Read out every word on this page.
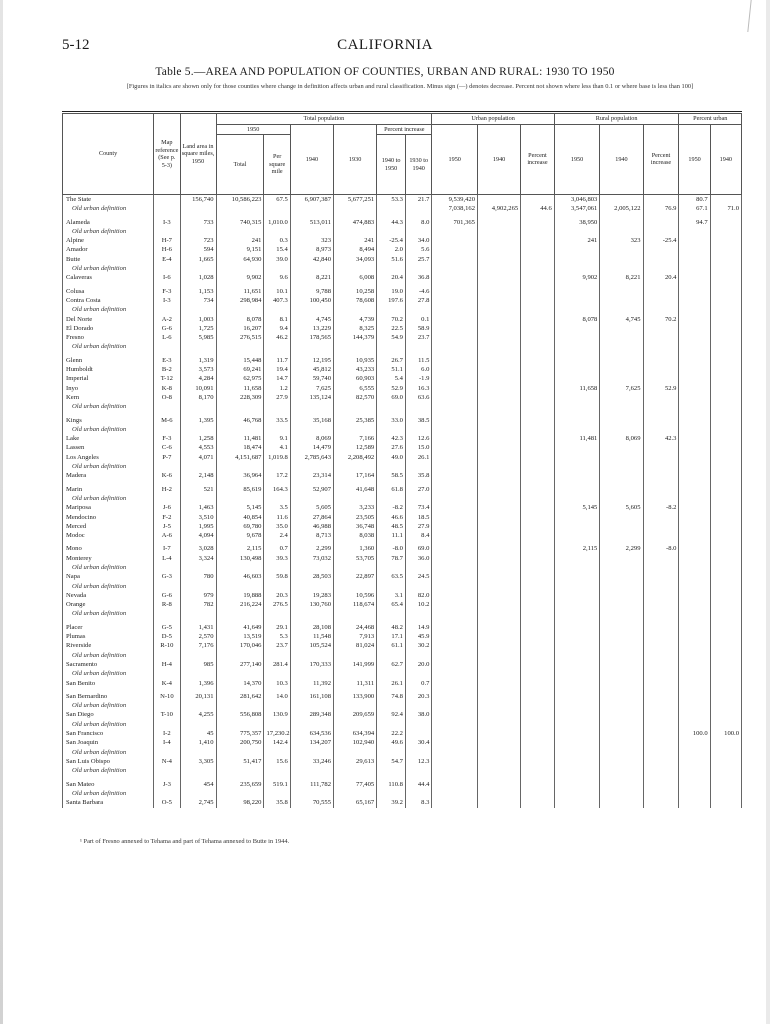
5-12	CALIFORNIA
Table 5.—AREA AND POPULATION OF COUNTIES, URBAN AND RURAL: 1930 TO 1950
[Figures in italics are shown only for those counties where change in definition affects urban and rural classification. Minus sign (—) denotes decrease. Percent not shown where less than 0.1 or where base is less than 100]
County	Map reference (See p. 5-3)	Land area in square miles, 1950	Total population						Urban population			Rural population			Percent urban	
			1950		1940	1930	Percent increase		1950	1940	Percent increase	1950	1940	Percent increase	1950	1940
			Total	Per square mile			1940 to 1950	1930 to 1940								
The State		156,740	10,586,223	67.5	6,907,387	5,677,251	53.3	21.7	9,539,420			3,046,803			80.7	
Old urban definition									7,038,162	4,902,265	44.6	3,547,061	2,005,122	76.9	67.1	71.0

Alameda	I-3	733	740,315	1,010.0	513,011	474,883	44.3	8.0	701,365			38,950			94.7	
Old urban definition																
Alpine	H-7	723	241	0.3	323	241	-25.4	34.0				241	323	-25.4		
Amador	H-6	594	9,151	15.4	8,973	8,494	2.0	5.6								
Butte	E-4	1,665	64,930	39.0	42,840	34,093	51.6	25.7								
Old urban definition																
Calaveras	I-6	1,028	9,902	9.6	8,221	6,008	20.4	36.8				9,902	8,221	20.4		

Colusa	F-3	1,153	11,651	10.1	9,788	10,258	19.0	-4.6								
Contra Costa	I-3	734	298,984	407.3	100,450	78,608	197.6	27.8								
Old urban definition																
Del Norte	A-2	1,003	8,078	8.1	4,745	4,739	70.2	0.1				8,078	4,745	70.2		
El Dorado	G-6	1,725	16,207	9.4	13,229	8,325	22.5	58.9								
Fresno	L-6	5,985	276,515	46.2	178,565	144,379	54.9	23.7								
Old urban definition																

Glenn	E-3	1,319	15,448	11.7	12,195	10,935	26.7	11.5								
Humboldt	B-2	3,573	69,241	19.4	45,812	43,233	51.1	6.0								
Imperial	T-12	4,284	62,975	14.7	59,740	60,903	5.4	-1.9								
Inyo	K-8	10,091	11,658	1.2	7,625	6,555	52.9	16.3				11,658	7,625	52.9		
Kern	O-8	8,170	228,309	27.9	135,124	82,570	69.0	63.6								
Old urban definition																

Kings	M-6	1,395	46,768	33.5	35,168	25,385	33.0	38.5								
Old urban definition																
Lake	F-3	1,258	11,481	9.1	8,069	7,166	42.3	12.6				11,481	8,069	42.3		
Lassen	C-6	4,553	18,474	4.1	14,479	12,589	27.6	15.0								
Los Angeles	P-7	4,071	4,151,687	1,019.8	2,785,643	2,208,492	49.0	26.1								
Old urban definition																
Madera	K-6	2,148	36,964	17.2	23,314	17,164	58.5	35.8								

Marin	H-2	521	85,619	164.3	52,907	41,648	61.8	27.0								
Old urban definition																
Mariposa	J-6	1,463	5,145	3.5	5,605	3,233	-8.2	73.4				5,145	5,605	-8.2		
Mendocino	F-2	3,510	40,854	11.6	27,864	23,505	46.6	18.5								
Merced	J-5	1,995	69,780	35.0	46,988	36,748	48.5	27.9								
Modoc	A-6	4,094	9,678	2.4	8,713	8,038	11.1	8.4								

Mono	I-7	3,028	2,115	0.7	2,299	1,360	-8.0	69.0				2,115	2,299	-8.0		
Monterey	L-4	3,324	130,498	39.3	73,032	53,705	78.7	36.0								
Old urban definition																
Napa	G-3	780	46,603	59.8	28,503	22,897	63.5	24.5								
Old urban definition																
Nevada	G-6	979	19,888	20.3	19,283	10,596	3.1	82.0								
Orange	R-8	782	216,224	276.5	130,760	118,674	65.4	10.2								
Old urban definition																

Placer	G-5	1,431	41,649	29.1	28,108	24,468	48.2	14.9								
Plumas	D-5	2,570	13,519	5.3	11,548	7,913	17.1	45.9								
Riverside	R-10	7,176	170,046	23.7	105,524	81,024	61.1	30.2								
Old urban definition																
Sacramento	H-4	985	277,140	281.4	170,333	141,999	62.7	20.0								
Old urban definition																
San Benito	K-4	1,396	14,370	10.3	11,392	11,311	26.1	0.7								

San Bernardino	N-10	20,131	281,642	14.0	161,108	133,900	74.8	20.3								
Old urban definition																
San Diego	T-10	4,255	556,808	130.9	289,348	209,659	92.4	38.0								
Old urban definition																
San Francisco	I-2	45	775,357	17,230.2	634,536	634,394	22.2								100.0	100.0
San Joaquin	I-4	1,410	200,750	142.4	134,207	102,940	49.6	30.4								
Old urban definition																
San Luis Obispo	N-4	3,305	51,417	15.6	33,246	29,613	54.7	12.3								
Old urban definition																

San Mateo	J-3	454	235,659	519.1	111,782	77,405	110.8	44.4								
Old urban definition																
Santa Barbara	O-5	2,745	98,220	35.8	70,555	65,167	39.2	8.3								

¹ Part of Fresno annexed to Tehama and part of Tehama annexed to Butte in 1944.
